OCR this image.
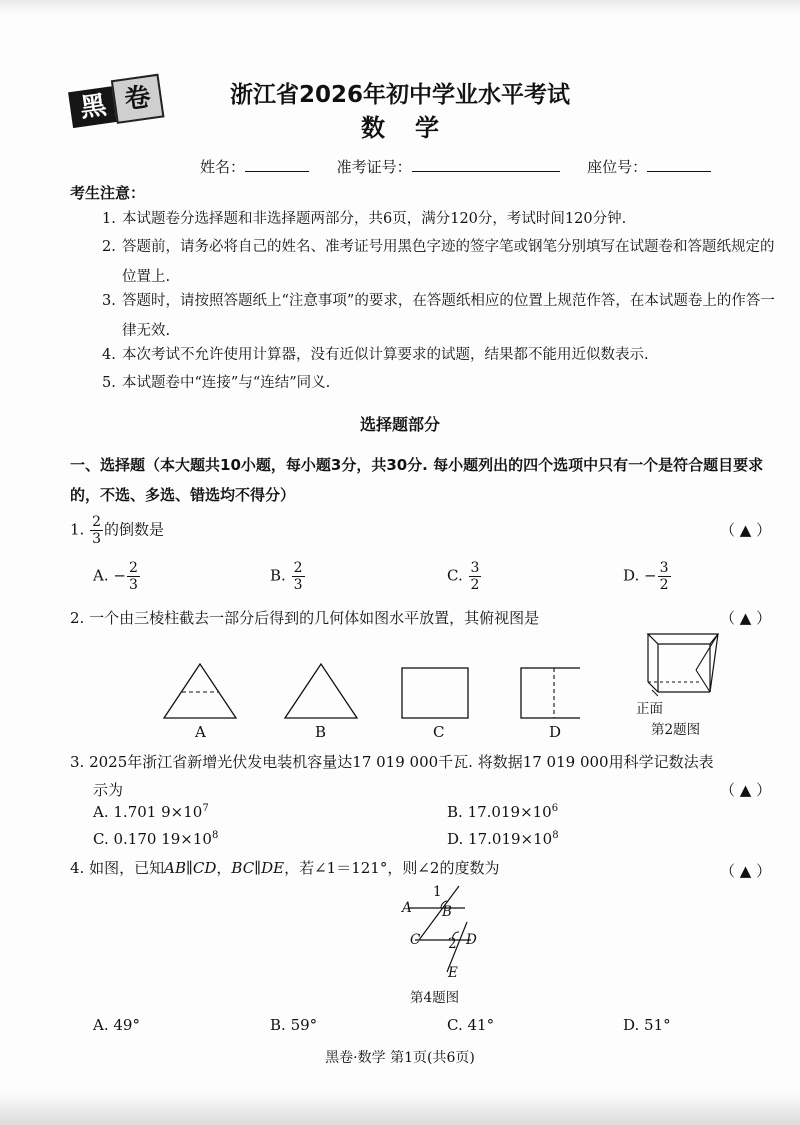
黑 卷	浙江省2026年初中学业水平考试
数学
姓名：	准考证号：	座位号：
考生注意：
1. 本试题卷分选择题和非选择题两部分，共6页，满分120分，考试时间120分钟.
2. 答题前，请务必将自己的姓名、准考证号用黑色字迹的签字笔或钢笔分别填写在试题卷和答题纸规定的位置上.
3. 答题时，请按照答题纸上“注意事项”的要求，在答题纸相应的位置上规范作答，在本试题卷上的作答一律无效.
4. 本次考试不允许使用计算器，没有近似计算要求的试题，结果都不能用近似数表示.
5. 本试题卷中“连接”与“连结”同义.
选择题部分
一、选择题（本大题共10小题，每小题3分，共30分. 每小题列出的四个选项中只有一个是符合题目要求的，不选、多选、错选均不得分）
1. $\frac{2}{3}$ 的倒数是	（ ▲ ）
A. − $\frac{2}{3}$	B. $\frac{2}{3}$	C. $\frac{3}{2}$	D. − $\frac{3}{2}$
2. 一个由三棱柱截去一部分后得到的几何体如图水平放置，其俯视图是	（ ▲ ）
A	B	C	D
正面
第2题图
3. 2025年浙江省新增光伏发电装机容量达17 019 000千瓦. 将数据17 019 000用科学记数法表
示为	（ ▲ ）
A. 1.701 $9\times 10^7$	B. $17.019\times 10^6$
C. 0.170 $19\times 10^8$	D. $17.019\times 10^8$
4. 如图，已知AB∥CD，BC∥DE，若∠1＝121°，则∠2的度数为	（ ▲ ）
1
A B
C 2 D
E
第4题图
A. 49°	B. 59°	C. 41°	D. 51°
黑卷·数学 第1页(共6页)
